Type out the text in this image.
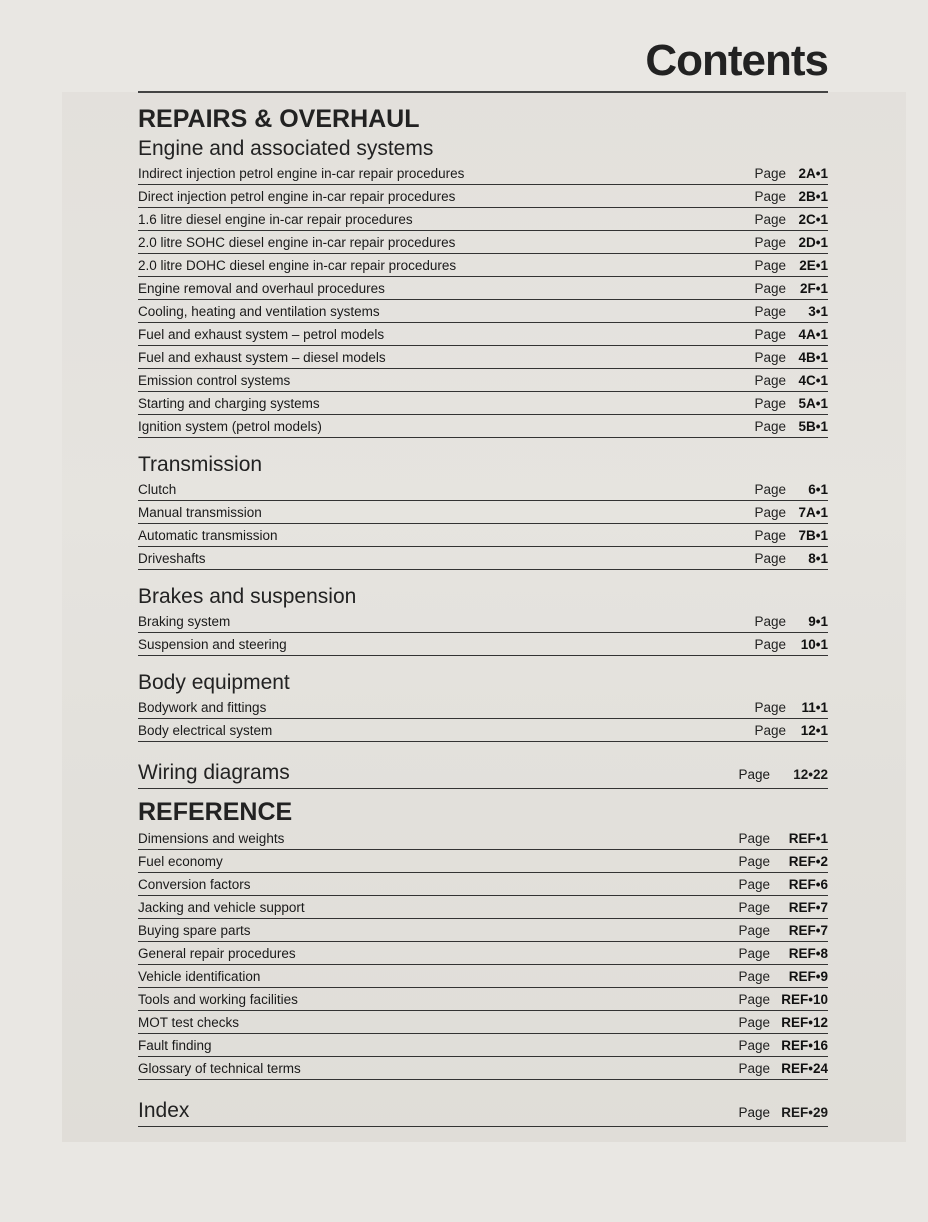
Contents
REPAIRS & OVERHAUL
Engine and associated systems
Indirect injection petrol engine in-car repair procedures	Page 2A•1
Direct injection petrol engine in-car repair procedures	Page 2B•1
1.6 litre diesel engine in-car repair procedures	Page 2C•1
2.0 litre SOHC diesel engine in-car repair procedures	Page 2D•1
2.0 litre DOHC diesel engine in-car repair procedures	Page 2E•1
Engine removal and overhaul procedures	Page	2F•1
Cooling, heating and ventilation systems	Page	3•1
Fuel and exhaust system – petrol models	Page 4A•1
Fuel and exhaust system – diesel models	Page 4B•1
Emission control systems	Page 4C•1
Starting and charging systems	Page 5A•1
Ignition system (petrol models)	Page 5B•1
Transmission
Clutch	Page	6•1
Manual transmission	Page 7A•1
Automatic transmission	Page 7B•1
Driveshafts	Page	8•1
Brakes and suspension
Braking system	Page	9•1
Suspension and steering	Page	10•1
Body equipment
Bodywork and fittings	Page	11•1
Body electrical system	Page	12•1
Wiring diagrams	Page	12•22
REFERENCE
Dimensions and weights	Page	REF•1
Fuel economy	Page	REF•2
Conversion factors	Page	REF•6
Jacking and vehicle support	Page	REF•7
Buying spare parts	Page	REF•7
General repair procedures	Page	REF•8
Vehicle identification	Page	REF•9
Tools and working facilities	Page REF•10
MOT test checks	Page REF•12
Fault finding	Page REF•16
Glossary of technical terms	Page REF•24
Index	Page REF•29
